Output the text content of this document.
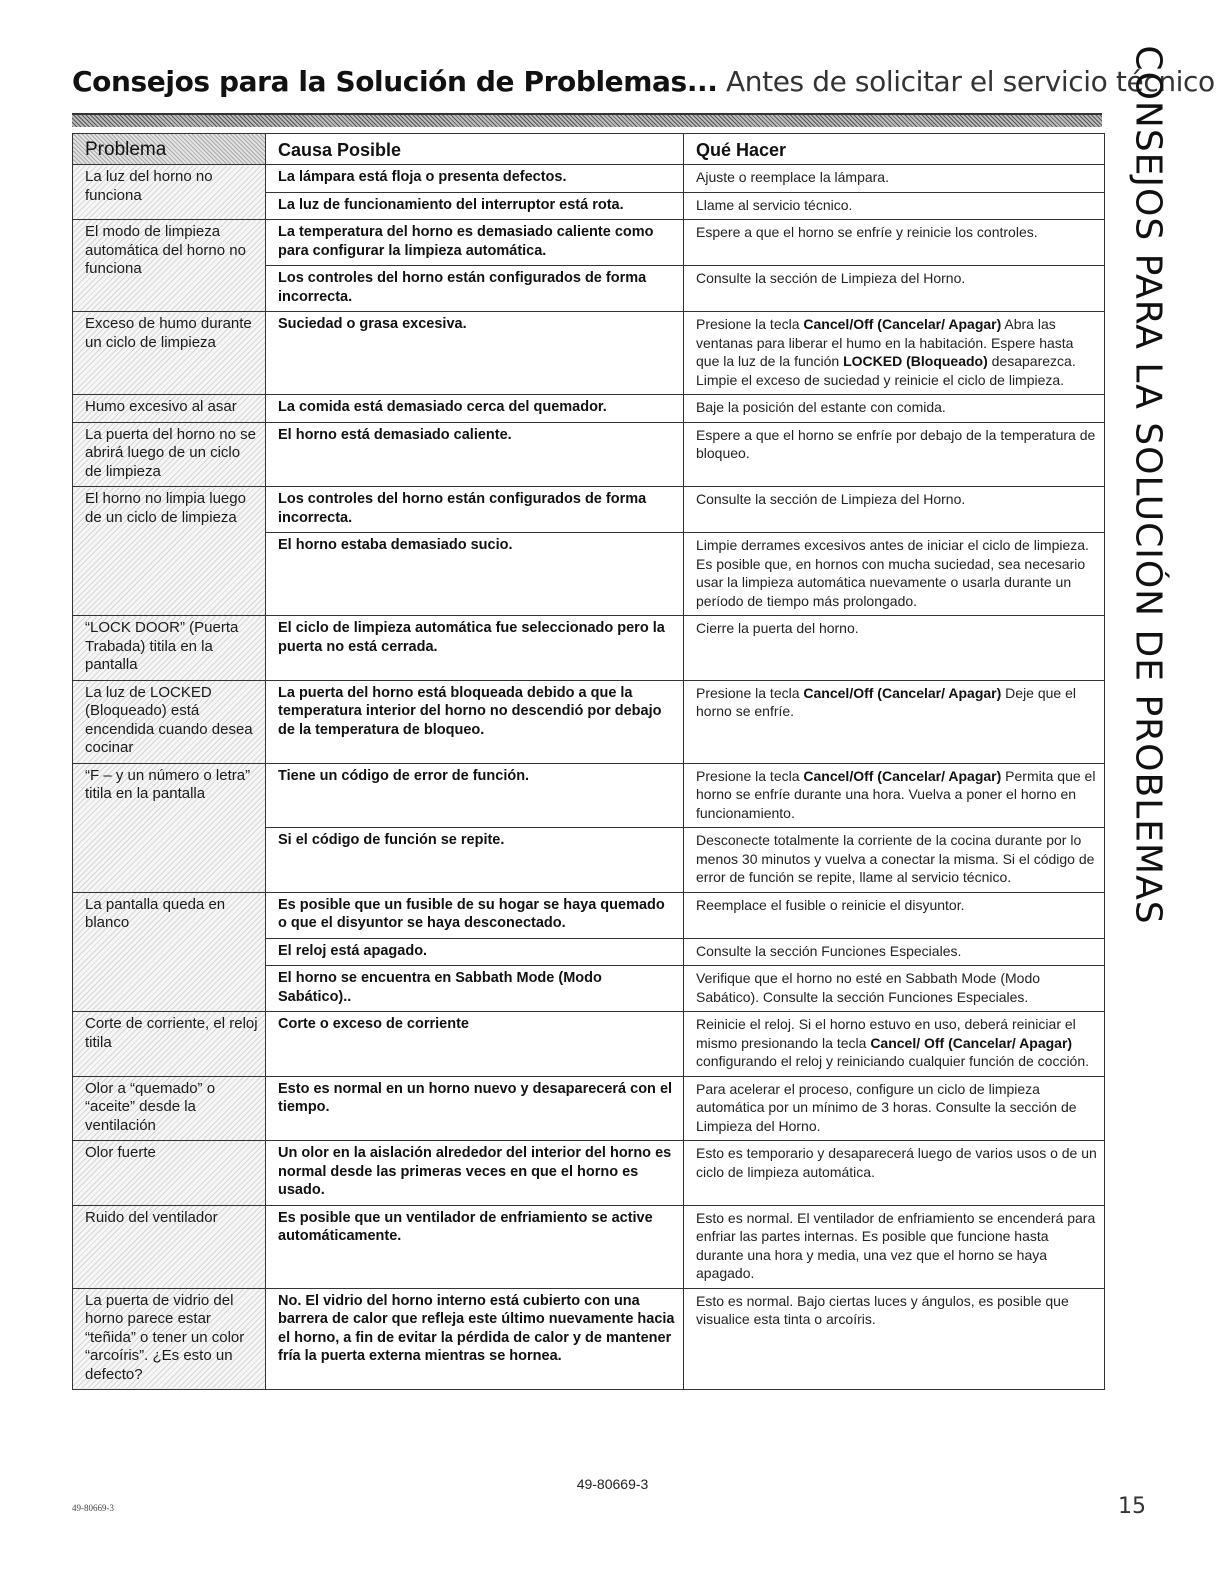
Consejos para la Solución de Problemas... Antes de solicitar el servicio técnico
CONSEJOS PARA LA SOLUCIÓN DE PROBLEMAS
Problema	Causa Posible	Qué Hacer
La luz del horno no funciona	La lámpara está floja o presenta defectos.	Ajuste o reemplace la lámpara.
	La luz de funcionamiento del interruptor está rota.	Llame al servicio técnico.
El modo de limpieza automática del horno no funciona	La temperatura del horno es demasiado caliente como para configurar la limpieza automática.	Espere a que el horno se enfríe y reinicie los controles.
	Los controles del horno están configurados de forma incorrecta.	Consulte la sección de Limpieza del Horno.
Exceso de humo durante un ciclo de limpieza	Suciedad o grasa excesiva.	Presione la tecla Cancel/Off (Cancelar/ Apagar) Abra las ventanas para liberar el humo en la habitación. Espere hasta que la luz de la función LOCKED (Bloqueado) desaparezca. Limpie el exceso de suciedad y reinicie el ciclo de limpieza.
Humo excesivo al asar	La comida está demasiado cerca del quemador.	Baje la posición del estante con comida.
La puerta del horno no se abrirá luego de un ciclo de limpieza	El horno está demasiado caliente.	Espere a que el horno se enfríe por debajo de la temperatura de bloqueo.
El horno no limpia luego de un ciclo de limpieza	Los controles del horno están configurados de forma incorrecta.	Consulte la sección de Limpieza del Horno.
	El horno estaba demasiado sucio.	Limpie derrames excesivos antes de iniciar el ciclo de limpieza. Es posible que, en hornos con mucha suciedad, sea necesario usar la limpieza automática nuevamente o usarla durante un período de tiempo más prolongado.
“LOCK DOOR” (Puerta Trabada) titila en la pantalla	El ciclo de limpieza automática fue seleccionado pero la puerta no está cerrada.	Cierre la puerta del horno.
La luz de LOCKED (Bloqueado) está encendida cuando desea cocinar	La puerta del horno está bloqueada debido a que la temperatura interior del horno no descendió por debajo de la temperatura de bloqueo.	Presione la tecla Cancel/Off (Cancelar/ Apagar) Deje que el horno se enfríe.
“F – y un número o letra” titila en la pantalla	Tiene un código de error de función.	Presione la tecla Cancel/Off (Cancelar/ Apagar) Permita que el horno se enfríe durante una hora. Vuelva a poner el horno en funcionamiento.
	Si el código de función se repite.	Desconecte totalmente la corriente de la cocina durante por lo menos 30 minutos y vuelva a conectar la misma. Si el código de error de función se repite, llame al servicio técnico.
La pantalla queda en blanco	Es posible que un fusible de su hogar se haya quemado o que el disyuntor se haya desconectado.	Reemplace el fusible o reinicie el disyuntor.
	El reloj está apagado.	Consulte la sección Funciones Especiales.
	El horno se encuentra en Sabbath Mode (Modo Sabático)..	Verifique que el horno no esté en Sabbath Mode (Modo Sabático). Consulte la sección Funciones Especiales.
Corte de corriente, el reloj titila	Corte o exceso de corriente	Reinicie el reloj. Si el horno estuvo en uso, deberá reiniciar el mismo presionando la tecla Cancel/ Off (Cancelar/ Apagar) configurando el reloj y reiniciando cualquier función de cocción.
Olor a “quemado” o “aceite” desde la ventilación	Esto es normal en un horno nuevo y desaparecerá con el tiempo.	Para acelerar el proceso, configure un ciclo de limpieza automática por un mínimo de 3 horas. Consulte la sección de Limpieza del Horno.
Olor fuerte	Un olor en la aislación alrededor del interior del horno es normal desde las primeras veces en que el horno es usado.	Esto es temporario y desaparecerá luego de varios usos o de un ciclo de limpieza automática.
Ruido del ventilador	Es posible que un ventilador de enfriamiento se active automáticamente.	Esto es normal. El ventilador de enfriamiento se encenderá para enfriar las partes internas. Es posible que funcione hasta durante una hora y media, una vez que el horno se haya apagado.
La puerta de vidrio del horno parece estar “teñida” o tener un color “arcoíris”. ¿Es esto un defecto?	No. El vidrio del horno interno está cubierto con una barrera de calor que refleja este último nuevamente hacia el horno, a fin de evitar la pérdida de calor y de mantener fría la puerta externa mientras se hornea.	Esto es normal. Bajo ciertas luces y ángulos, es posible que visualice esta tinta o arcoíris.
49-80669-3
49-80669-3	15
